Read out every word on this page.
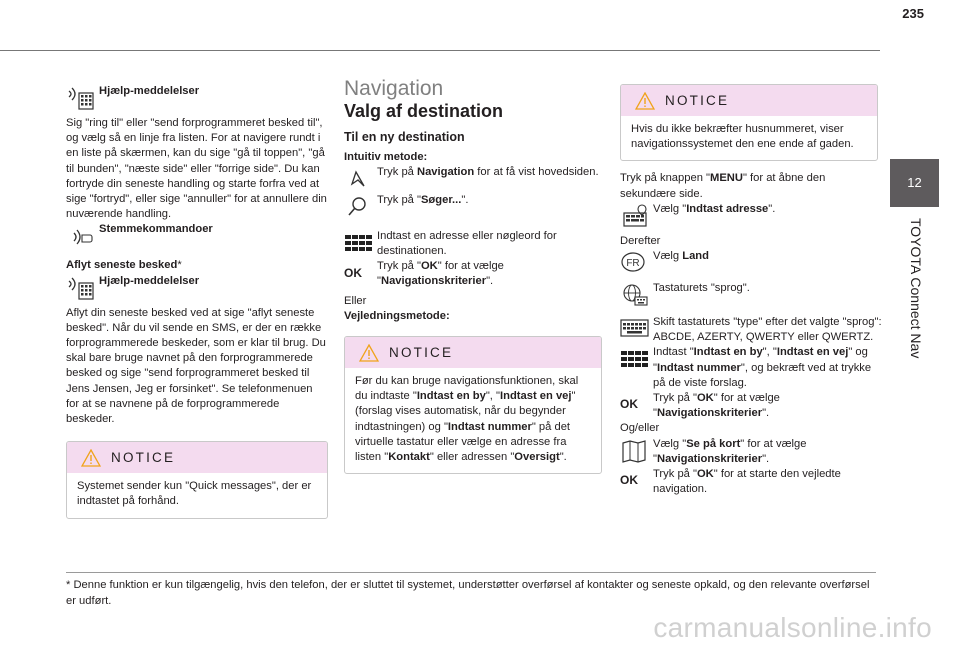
235
12
TOYOTA Connect Nav
Hjælp-meddelelser

Sig "ring til" eller "send forprogrammeret besked til", og vælg så en linje fra listen. For at navigere rundt i en liste på skærmen, kan du sige "gå til toppen", "gå til bunden", "næste side" eller "forrige side". Du kan fortryde din seneste handling og starte forfra ved at sige "fortryd", eller sige "annuller" for at annullere din nuværende handling.

Stemmekommandoer

Aflyt seneste besked*

Hjælp-meddelelser

Aflyt din seneste besked ved at sige "aflyt seneste besked". Når du vil sende en SMS, er der en række forprogrammerede beskeder, som er klar til brug. Du skal bare bruge navnet på den forprogrammerede besked og sige "send forprogrammeret besked til Jens Jensen, Jeg er forsinket". Se telefonmenuen for at se navnene på de forprogrammerede beskeder.

NOTICE
Systemet sender kun "Quick messages", der er indtastet på forhånd.
Navigation
Valg af destination
Til en ny destination
Intuitiv metode:

Tryk på Navigation for at få vist hovedsiden.

Tryk på "Søger...".

Indtast en adresse eller nøgleord for destinationen.

OK	Tryk på "OK" for at vælge "Navigationskriterier".

Eller
Vejledningsmetode:
NOTICE
Før du kan bruge navigationsfunktionen, skal du indtaste "Indtast en by", "Indtast en vej" (forslag vises automatisk, når du begynder indtastningen) og "Indtast nummer" på det virtuelle tastatur eller vælge en adresse fra listen "Kontakt" eller adressen "Oversigt".
NOTICE
Hvis du ikke bekræfter husnummeret, viser navigationssystemet den ene ende af gaden.

Tryk på knappen "MENU" for at åbne den sekundære side.

Vælg "Indtast adresse".

Derefter
FR

Vælg Land

Tastaturets "sprog".

Skift tastaturets "type" efter det valgte "sprog": ABCDE, AZERTY, QWERTY eller QWERTZ.

Indtast "Indtast en by", "Indtast en vej" og "Indtast nummer", og bekræft ved at trykke på de viste forslag.

OK	Tryk på "OK" for at vælge "Navigationskriterier".

Og/eller

Vælg "Se på kort" for at vælge "Navigationskriterier".

OK	Tryk på "OK" for at starte den vejledte navigation.

* Denne funktion er kun tilgængelig, hvis den telefon, der er sluttet til systemet, understøtter overførsel af kontakter og seneste opkald, og den relevante overførsel er udført.
carmanualsonline.info
